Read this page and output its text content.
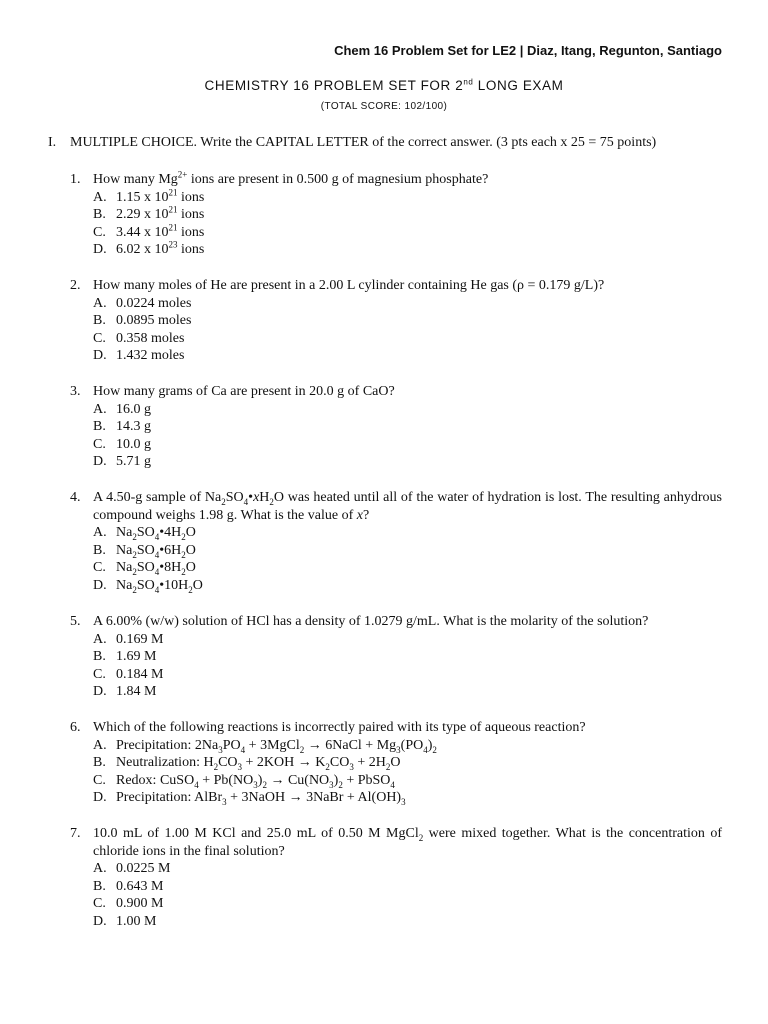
Chem 16 Problem Set for LE2 | Diaz, Itang, Regunton, Santiago
CHEMISTRY 16 PROBLEM SET FOR 2nd LONG EXAM
(TOTAL SCORE: 102/100)
I. MULTIPLE CHOICE. Write the CAPITAL LETTER of the correct answer. (3 pts each x 25 = 75 points)
1. How many $Mg^{2+}$ ions are present in 0.500 g of magnesium phosphate?
A. 1.15 x $10^{21}$ ions
B. 2.29 x $10^{21}$ ions
C. 3.44 x $10^{21}$ ions
D. 6.02 x $10^{23}$ ions
2. How many moles of He are present in a 2.00 L cylinder containing He gas (ρ = 0.179 g/L)?
A. 0.0224 moles
B. 0.0895 moles
C. 0.358 moles
D. 1.432 moles
3. How many grams of Ca are present in 20.0 g of CaO?
A. 16.0 g
B. 14.3 g
C. 10.0 g
D. 5.71 g
4. A 4.50-g sample of $Na_2SO_4•xH_2O$ was heated until all of the water of hydration is lost. The resulting anhydrous compound weighs 1.98 g. What is the value of x?
A. $Na_2SO_4•4H_2O$
B. $Na_2SO_4•6H_2O$
C. $Na_2SO_4•8H_2O$
D. $Na_2SO_4•10H_2O$
5. A 6.00% (w/w) solution of HCl has a density of 1.0279 g/mL. What is the molarity of the solution?
A. 0.169 M
B. 1.69 M
C. 0.184 M
D. 1.84 M
6. Which of the following reactions is incorrectly paired with its type of aqueous reaction?
A. Precipitation: $2Na_3PO_4$ + 3MgCl$_2$ → 6NaCl + $Mg_3(PO_4)_2$
B. Neutralization: $H_2CO_3 + 2KOH \to K_2CO_3 + 2H_2O$
C. Redox: CuSO$_4$ + $Pb(NO_3)_2 \to Cu(NO_3)_2$ + PbSO$_4$
D. Precipitation: AlBr$_3$ + 3NaOH → 3NaBr + $Al(OH)_3$
7. 10.0 mL of 1.00 M KCl and 25.0 mL of 0.50 M MgCl$_2$ were mixed together. What is the concentration of chloride ions in the final solution?
A. 0.0225 M
B. 0.643 M
C. 0.900 M
D. 1.00 M
